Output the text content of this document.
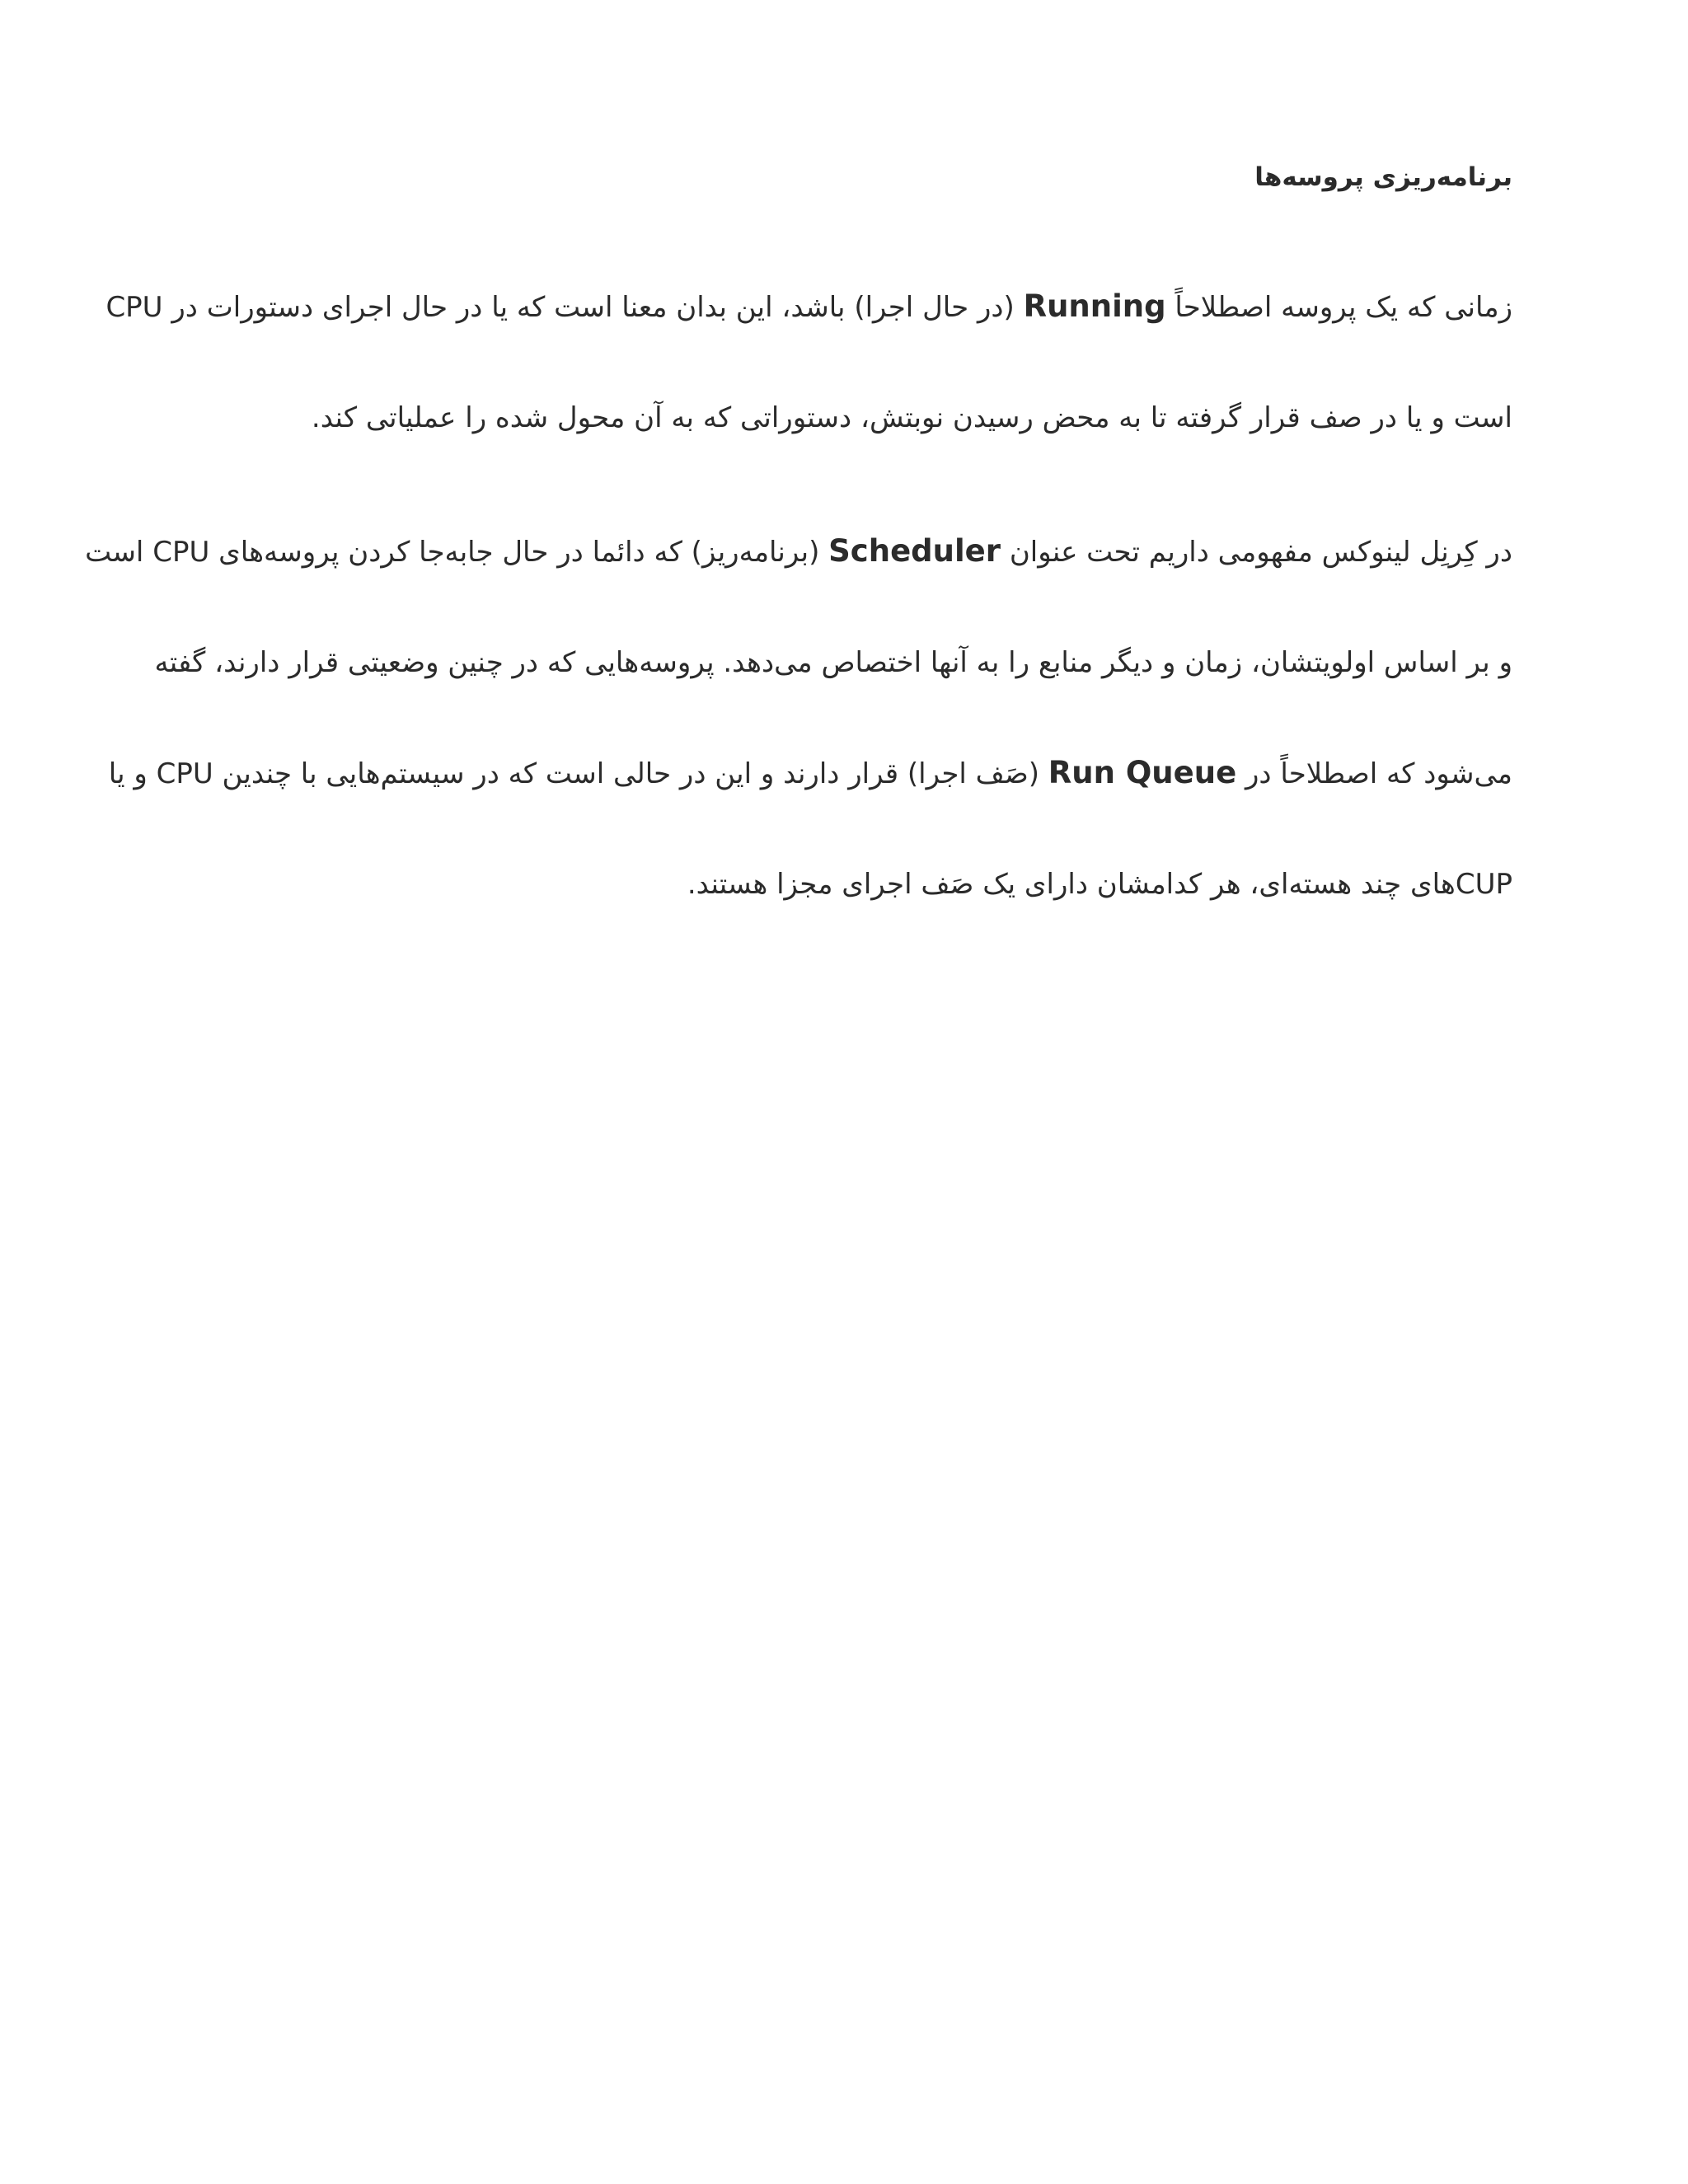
برنامه‌ریزی پروسه‌ها

زمانی که یک پروسه اصطلاحاً Running (در حال اجرا) باشد، این بدان معنا است که یا در حال اجرای دستورات در CPU
است و یا در صف قرار گرفته تا به محض رسیدن نوبتش، دستوراتی که به آن محول شده را عملیاتی کند.

در کِرنِل لینوکس مفهومی داریم تحت عنوان Scheduler (برنامه‌ریز) که دائما در حال جابه‌جا کردن پروسه‌های CPU است
و بر اساس اولویتشان، زمان و دیگر منابع را به آنها اختصاص می‌دهد. پروسه‌هایی که در چنین وضعیتی قرار دارند، گفته
می‌شود که اصطلاحاً در Run Queue (صَف اجرا) قرار دارند و این در حالی است که در سیستم‌هایی با چندین CPU و یا
CUPهای چند هسته‌ای، هر کدامشان دارای یک صَف اجرای مجزا هستند.
